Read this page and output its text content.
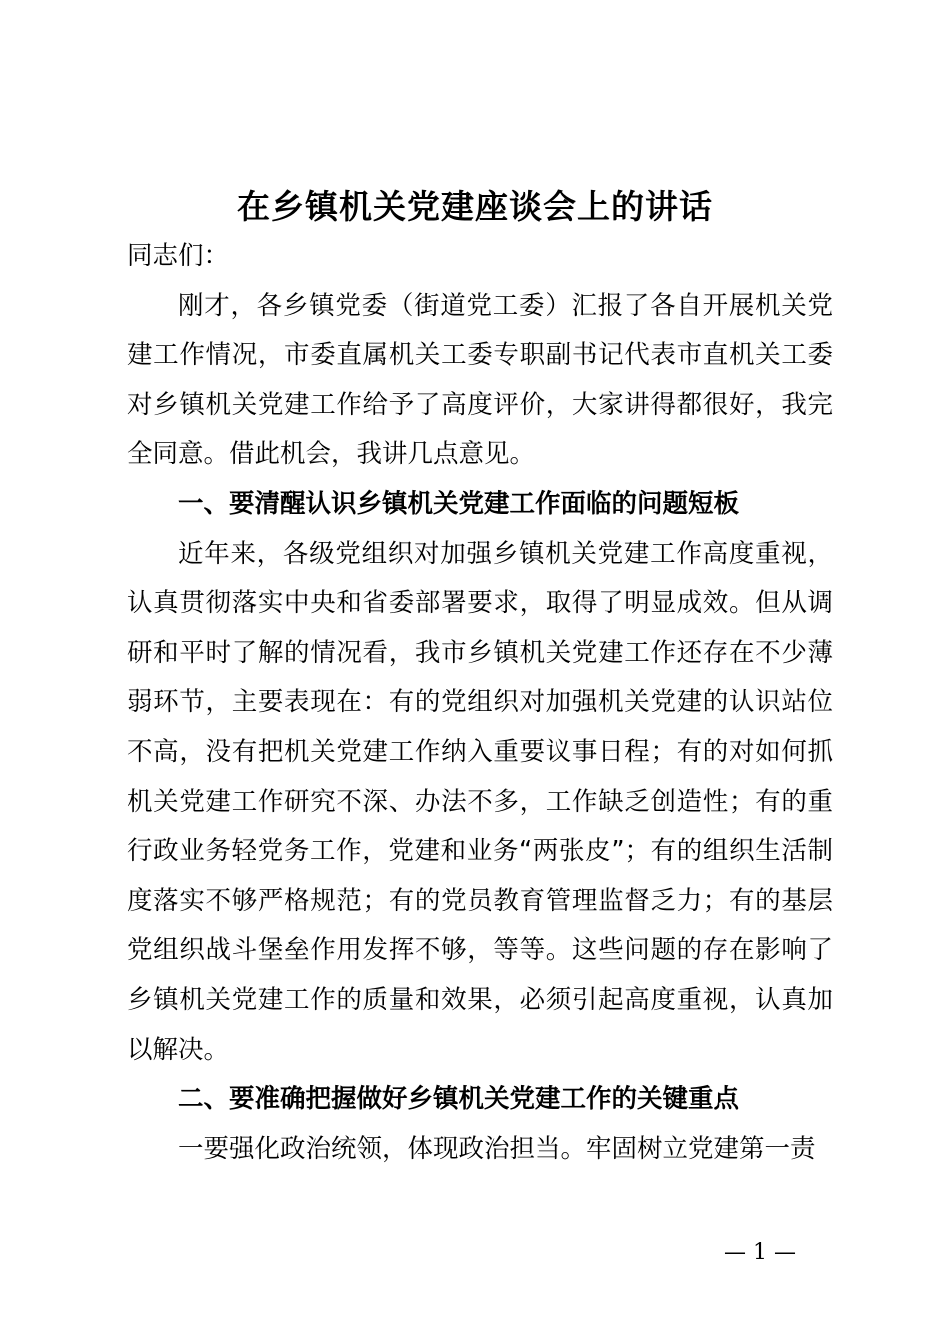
在乡镇机关党建座谈会上的讲话

同志们：

刚才，各乡镇党委（街道党工委）汇报了各自开展机关党建工作情况，市委直属机关工委专职副书记代表市直机关工委对乡镇机关党建工作给予了高度评价，大家讲得都很好，我完全同意。借此机会，我讲几点意见。

一、要清醒认识乡镇机关党建工作面临的问题短板

近年来，各级党组织对加强乡镇机关党建工作高度重视，认真贯彻落实中央和省委部署要求，取得了明显成效。但从调研和平时了解的情况看，我市乡镇机关党建工作还存在不少薄弱环节，主要表现在：有的党组织对加强机关党建的认识站位不高，没有把机关党建工作纳入重要议事日程；有的对如何抓机关党建工作研究不深、办法不多，工作缺乏创造性；有的重行政业务轻党务工作，党建和业务“两张皮”；有的组织生活制度落实不够严格规范；有的党员教育管理监督乏力；有的基层党组织战斗堡垒作用发挥不够，等等。这些问题的存在影响了乡镇机关党建工作的质量和效果，必须引起高度重视，认真加以解决。

二、要准确把握做好乡镇机关党建工作的关键重点

一要强化政治统领，体现政治担当。牢固树立党建第一责

— 1 —
